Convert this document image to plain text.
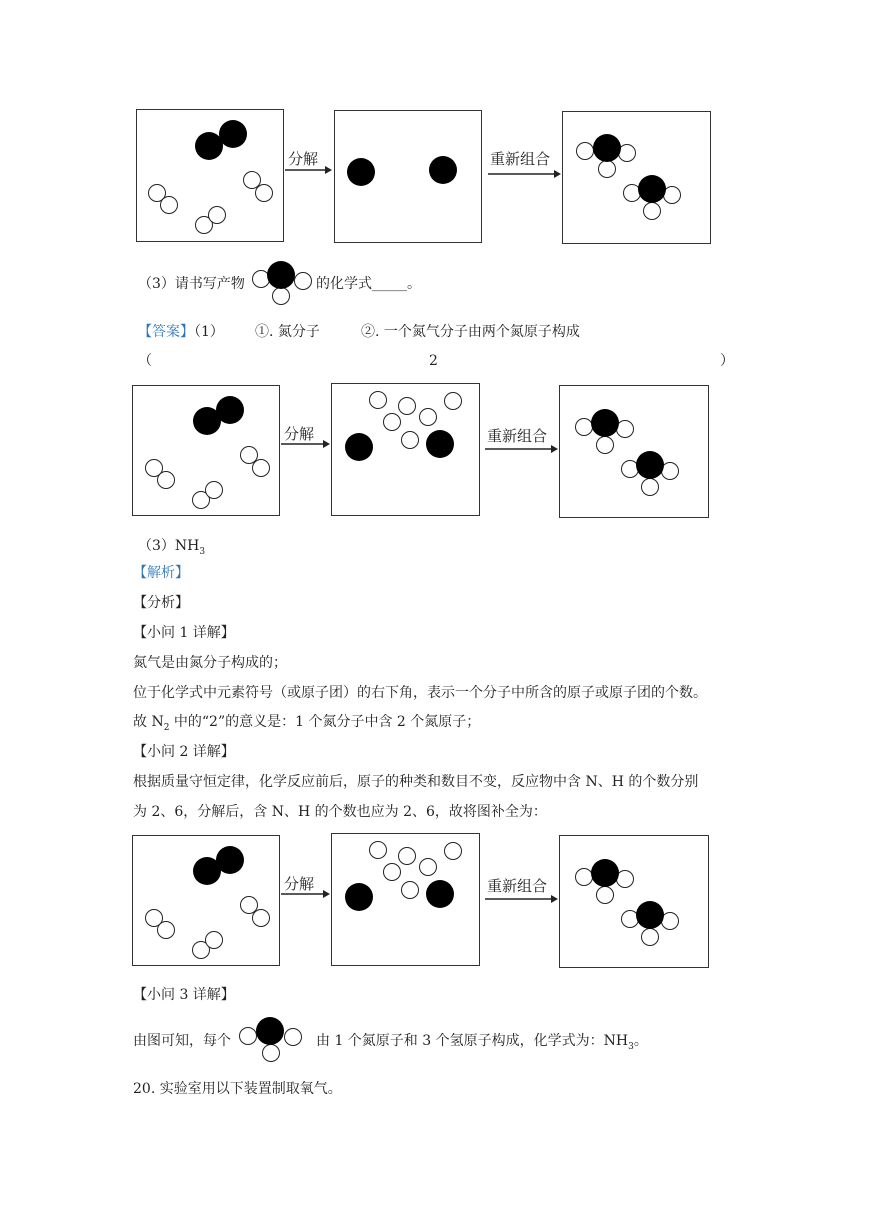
分解	重新组合
（3）请书写产物	的化学式_____。
【答案】（1） ①. 氮分子	②. 一个氮气分子由两个氮原子构成
（	2	）
分解	重新组合
$(3)NH_3$
【解析】
【分析】
【小问 1 详解】
氮气是由氮分子构成的；
位于化学式中元素符号（或原子团）的右下角，表示一个分子中所含的原子或原子团的个数。
故 $N_2$ 中的“2”的意义是：1 个氮分子中含 2 个氮原子；
【小问 2 详解】
根据质量守恒定律，化学反应前后，原子的种类和数目不变，反应物中含 N、H 的个数分别
为 2、6，分解后，含 N、H 的个数也应为 2、6，故将图补全为：
分解	重新组合
【小问 3 详解】
由图可知，每个	由 1 个氮原子和 3 个氢原子构成，化学式为：$NH_3$。
20. 实验室用以下装置制取氧气。
